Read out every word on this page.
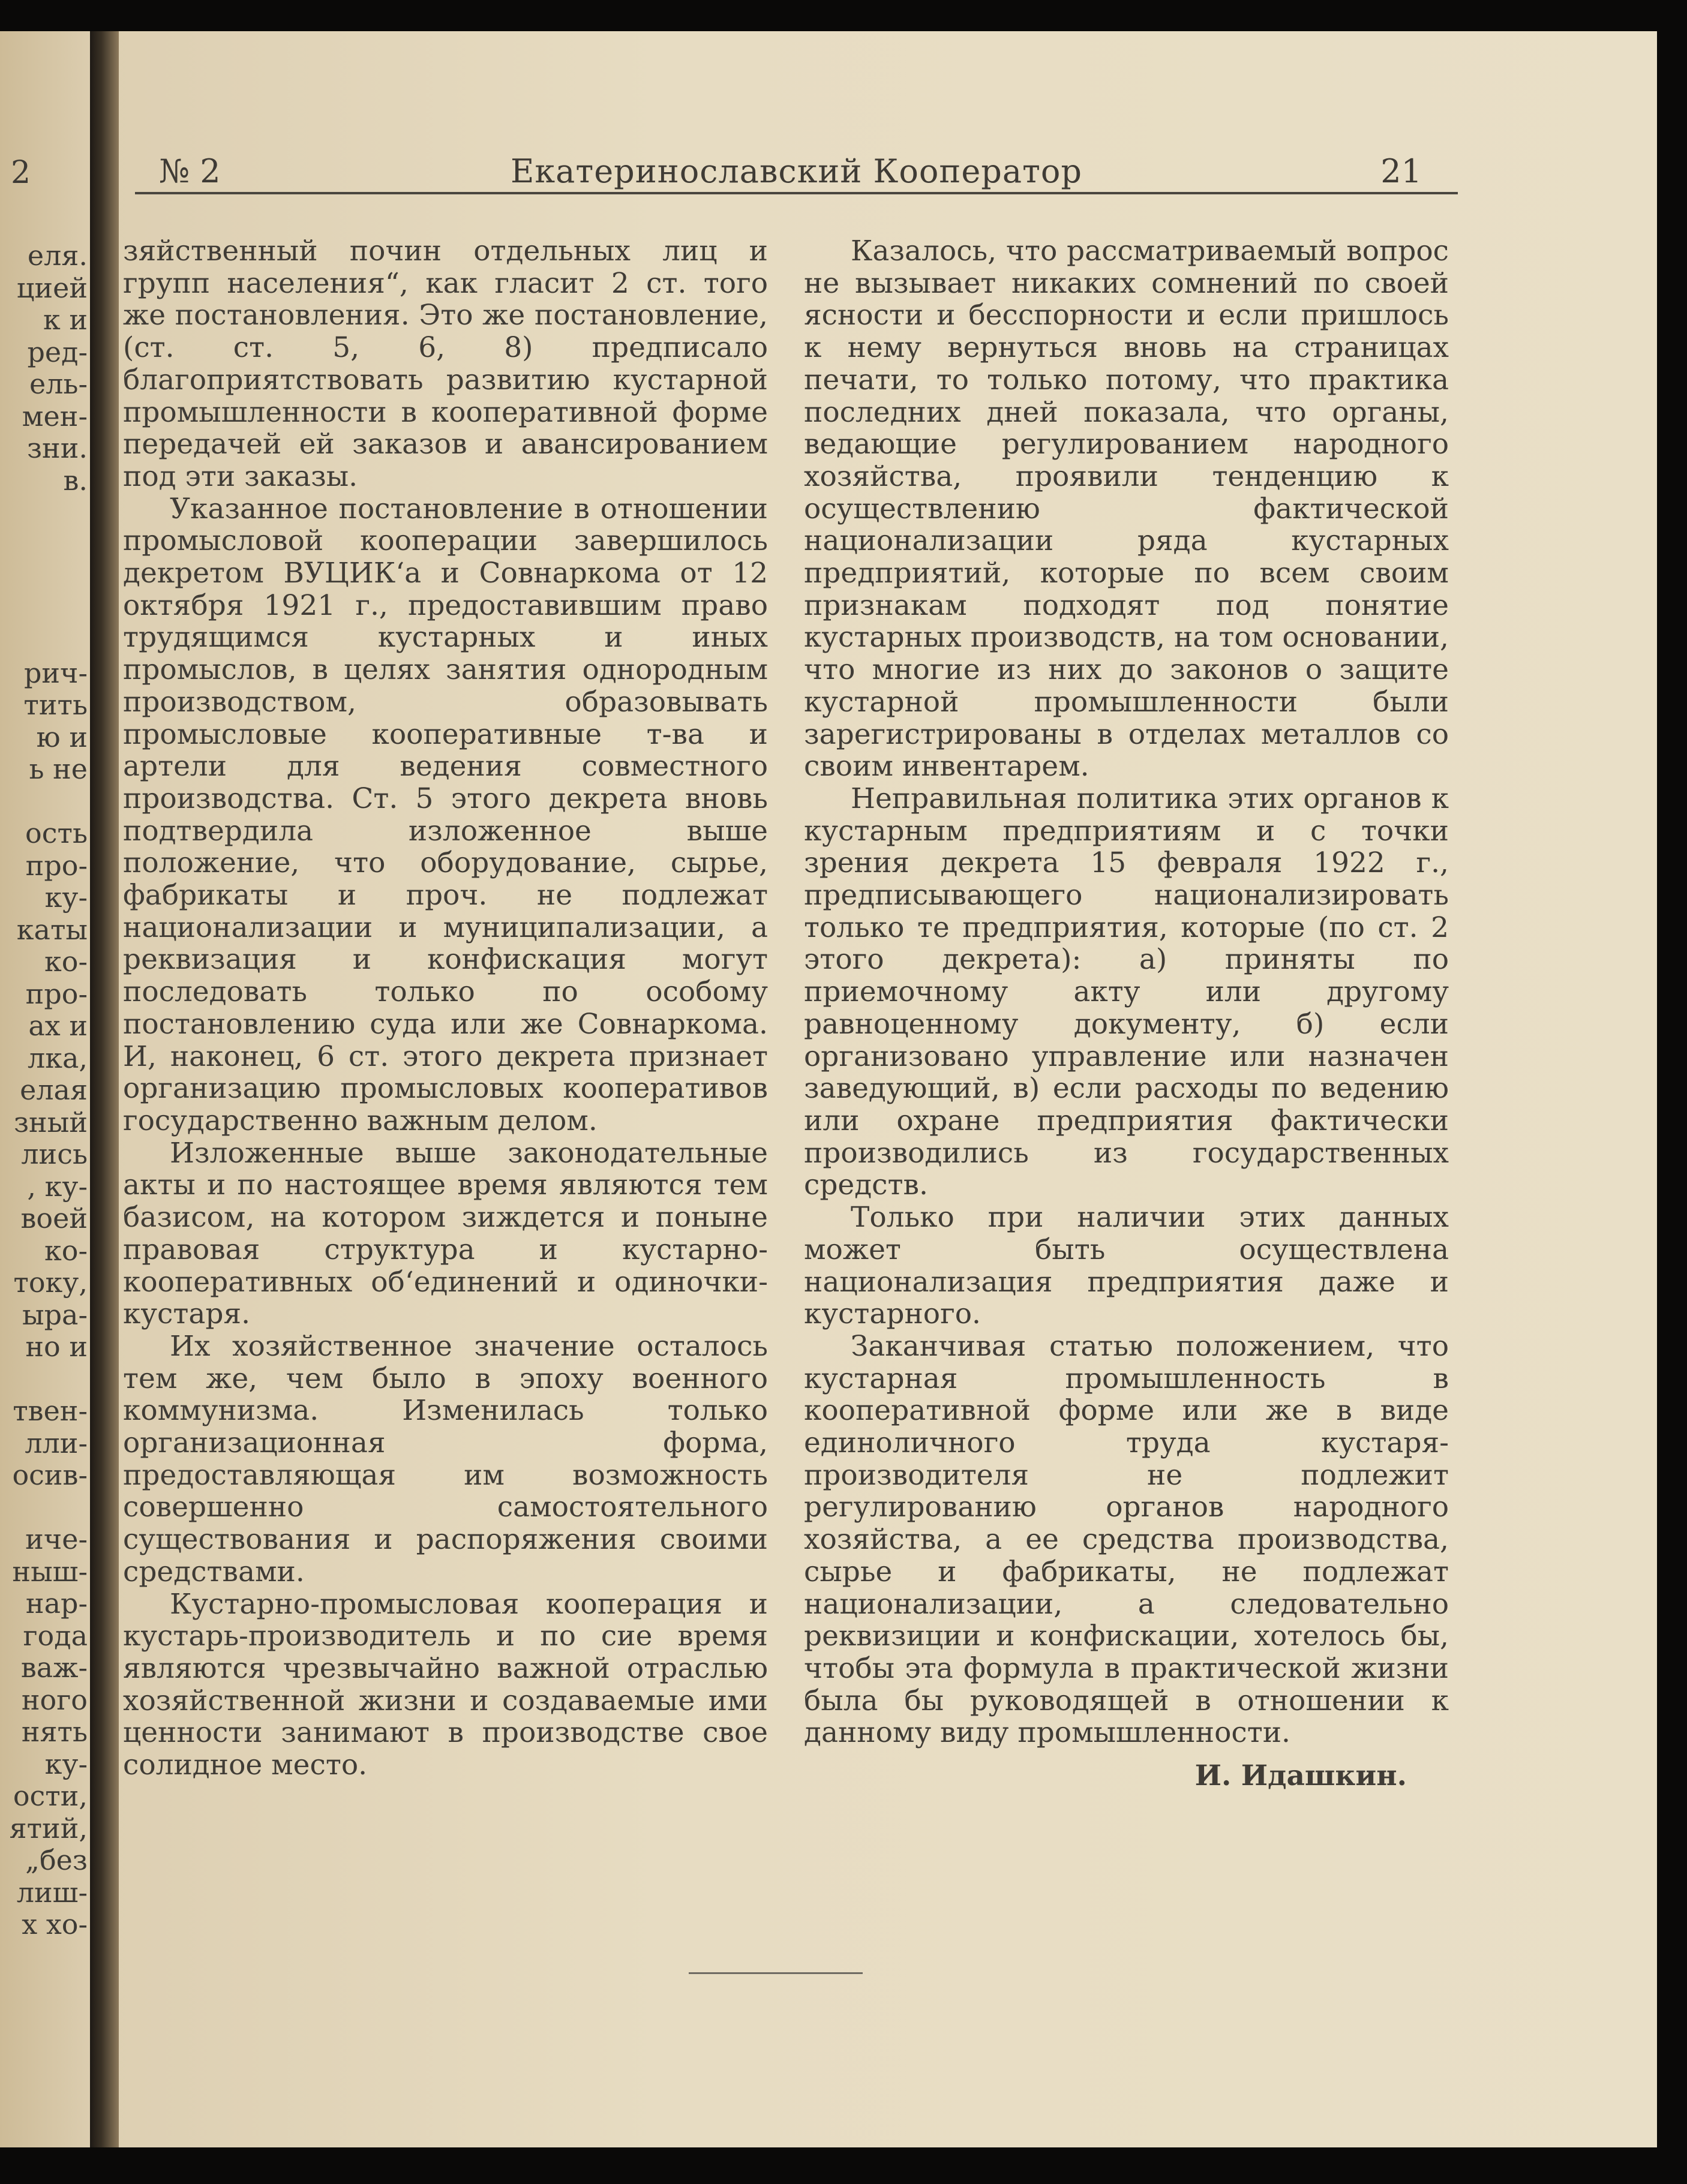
2
еля.
цией
к и
ред-
ель-
мен-
зни.
в.

рич-
тить
ю и
ь не

ость
про-
ку-
каты
ко-
про-
ах и
лка,
елая
зный
лись
, ку-
воей
ко-
току,
ыра-
но и

твен-
лли-
осив-

иче-
ныш-
нар-
года
важ-
ного
нять
ку-
ости,
ятий,
„без
лиш-
х хо-
№ 2	Екатеринославский Кооператор	21

зяйственный почин отдельных лиц и групп населения“, как гласит 2 ст. того же постановления. Это же постановление, (ст. ст. 5, 6, 8) предписало благоприятствовать развитию кустарной промышленности в кооперативной форме передачей ей заказов и авансированием под эти заказы.

Указанное постановление в отношении промысловой кооперации завершилось декретом ВУЦИК‘а и Совнаркома от 12 октября 1921 г., предоставившим право трудящимся кустарных и иных промыслов, в целях занятия однородным производством, образовывать промысловые кооперативные т-ва и артели для ведения совместного производства. Ст. 5 этого декрета вновь подтвердила изложенное выше положение, что оборудование, сырье, фабрикаты и проч. не подлежат национализации и муниципализации, а реквизация и конфискация могут последовать только по особому постановлению суда или же Совнаркома. И, наконец, 6 ст. этого декрета признает организацию промысловых кооперативов государственно важным делом.

Изложенные выше законодательные акты и по настоящее время являются тем базисом, на котором зиждется и поныне правовая структура и кустарно-кооперативных об‘единений и одиночки-кустаря.

Их хозяйственное значение осталось тем же, чем было в эпоху военного коммунизма. Изменилась только организационная форма, предоставляющая им возможность совершенно самостоятельного существования и распоряжения своими средствами.

Кустарно-промысловая кооперация и кустарь-производитель и по сие время являются чрезвычайно важной отраслью хозяйственной жизни и создаваемые ими ценности занимают в производстве свое солидное место.

Казалось, что рассматриваемый вопрос не вызывает никаких сомнений по своей ясности и бесспорности и если пришлось к нему вернуться вновь на страницах печати, то только потому, что практика последних дней показала, что органы, ведающие регулированием народного хозяйства, проявили тенденцию к осуществлению фактической национализации ряда кустарных предприятий, которые по всем своим признакам подходят под понятие кустарных производств, на том основании, что многие из них до законов о защите кустарной промышленности были зарегистрированы в отделах металлов со своим инвентарем.

Неправильная политика этих органов к кустарным предприятиям и с точки зрения декрета 15 февраля 1922 г., предписывающего национализировать только те предприятия, которые (по ст. 2 этого декрета): а) приняты по приемочному акту или другому равноценному документу, б) если организовано управление или назначен заведующий, в) если расходы по ведению или охране предприятия фактически производились из государственных средств.

Только при наличии этих данных может быть осуществлена национализация предприятия даже и кустарного.

Заканчивая статью положением, что кустарная промышленность в кооперативной форме или же в виде единоличного труда кустаря-производителя не подлежит регулированию органов народного хозяйства, а ее средства производства, сырье и фабрикаты, не подлежат национализации, а следовательно реквизиции и конфискации, хотелось бы, чтобы эта формула в практической жизни была бы руководящей в отношении к данному виду промышленности.

И. Идашкин.
